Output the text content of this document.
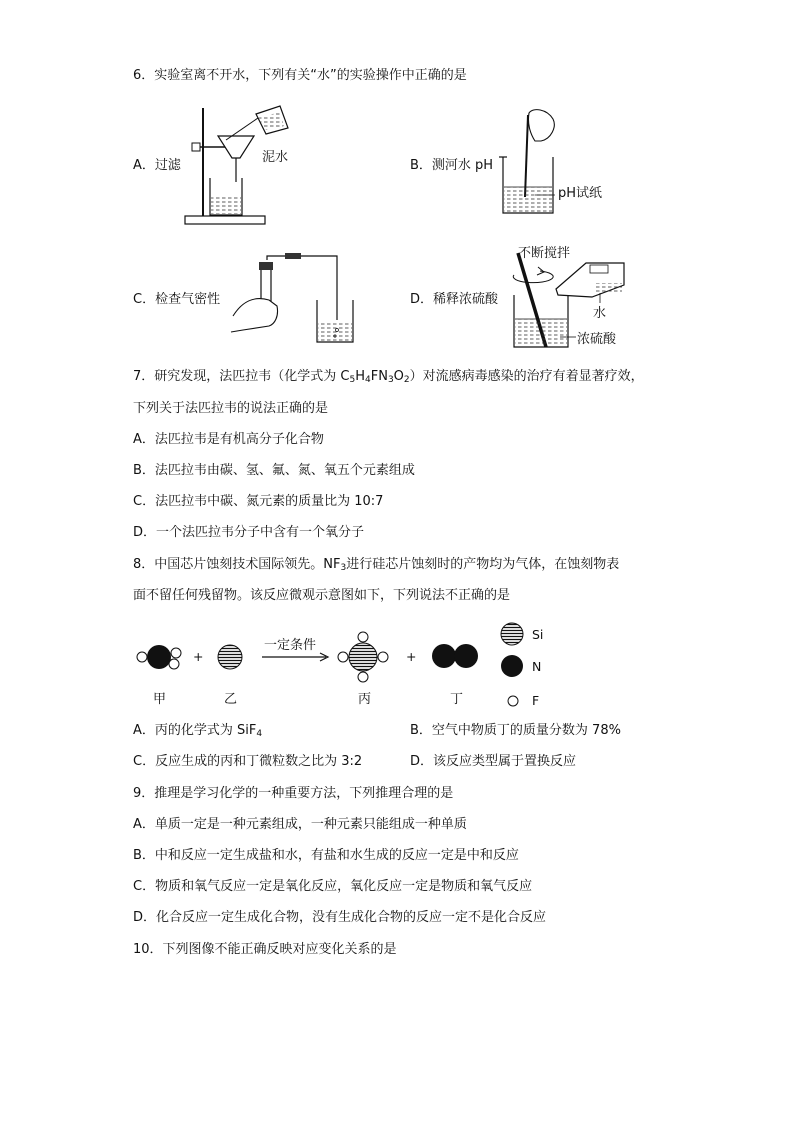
6．实验室离不开水，下列有关“水”的实验操作中正确的是
A．过滤	B．测河水 pH
C．检查气密性	D．稀释浓硫酸
泥水
pH试纸
不断搅拌
水
浓硫酸
7．研究发现，法匹拉韦（化学式为 $C_5H_4FN_3O_2$）对流感病毒感染的治疗有着显著疗效，
下列关于法匹拉韦的说法正确的是
A．法匹拉韦是有机高分子化合物
B．法匹拉韦由碳、氢、氟、氮、氧五个元素组成
C．法匹拉韦中碳、氮元素的质量比为 10:7
D．一个法匹拉韦分子中含有一个氧分子
8．中国芯片蚀刻技术国际领先。$NF_3$进行硅芯片蚀刻时的产物均为气体，在蚀刻物表
面不留任何残留物。该反应微观示意图如下，下列说法不正确的是
+	+
一定条件
甲	乙	丙	丁
Si
N
F
A．丙的化学式为 SiF$_4$	B．空气中物质丁的质量分数为 78%
C．反应生成的丙和丁微粒数之比为 3:2	D．该反应类型属于置换反应
9．推理是学习化学的一种重要方法，下列推理合理的是
A．单质一定是一种元素组成，一种元素只能组成一种单质
B．中和反应一定生成盐和水，有盐和水生成的反应一定是中和反应
C．物质和氧气反应一定是氧化反应，氧化反应一定是物质和氧气反应
D．化合反应一定生成化合物，没有生成化合物的反应一定不是化合反应
10．下列图像不能正确反映对应变化关系的是
